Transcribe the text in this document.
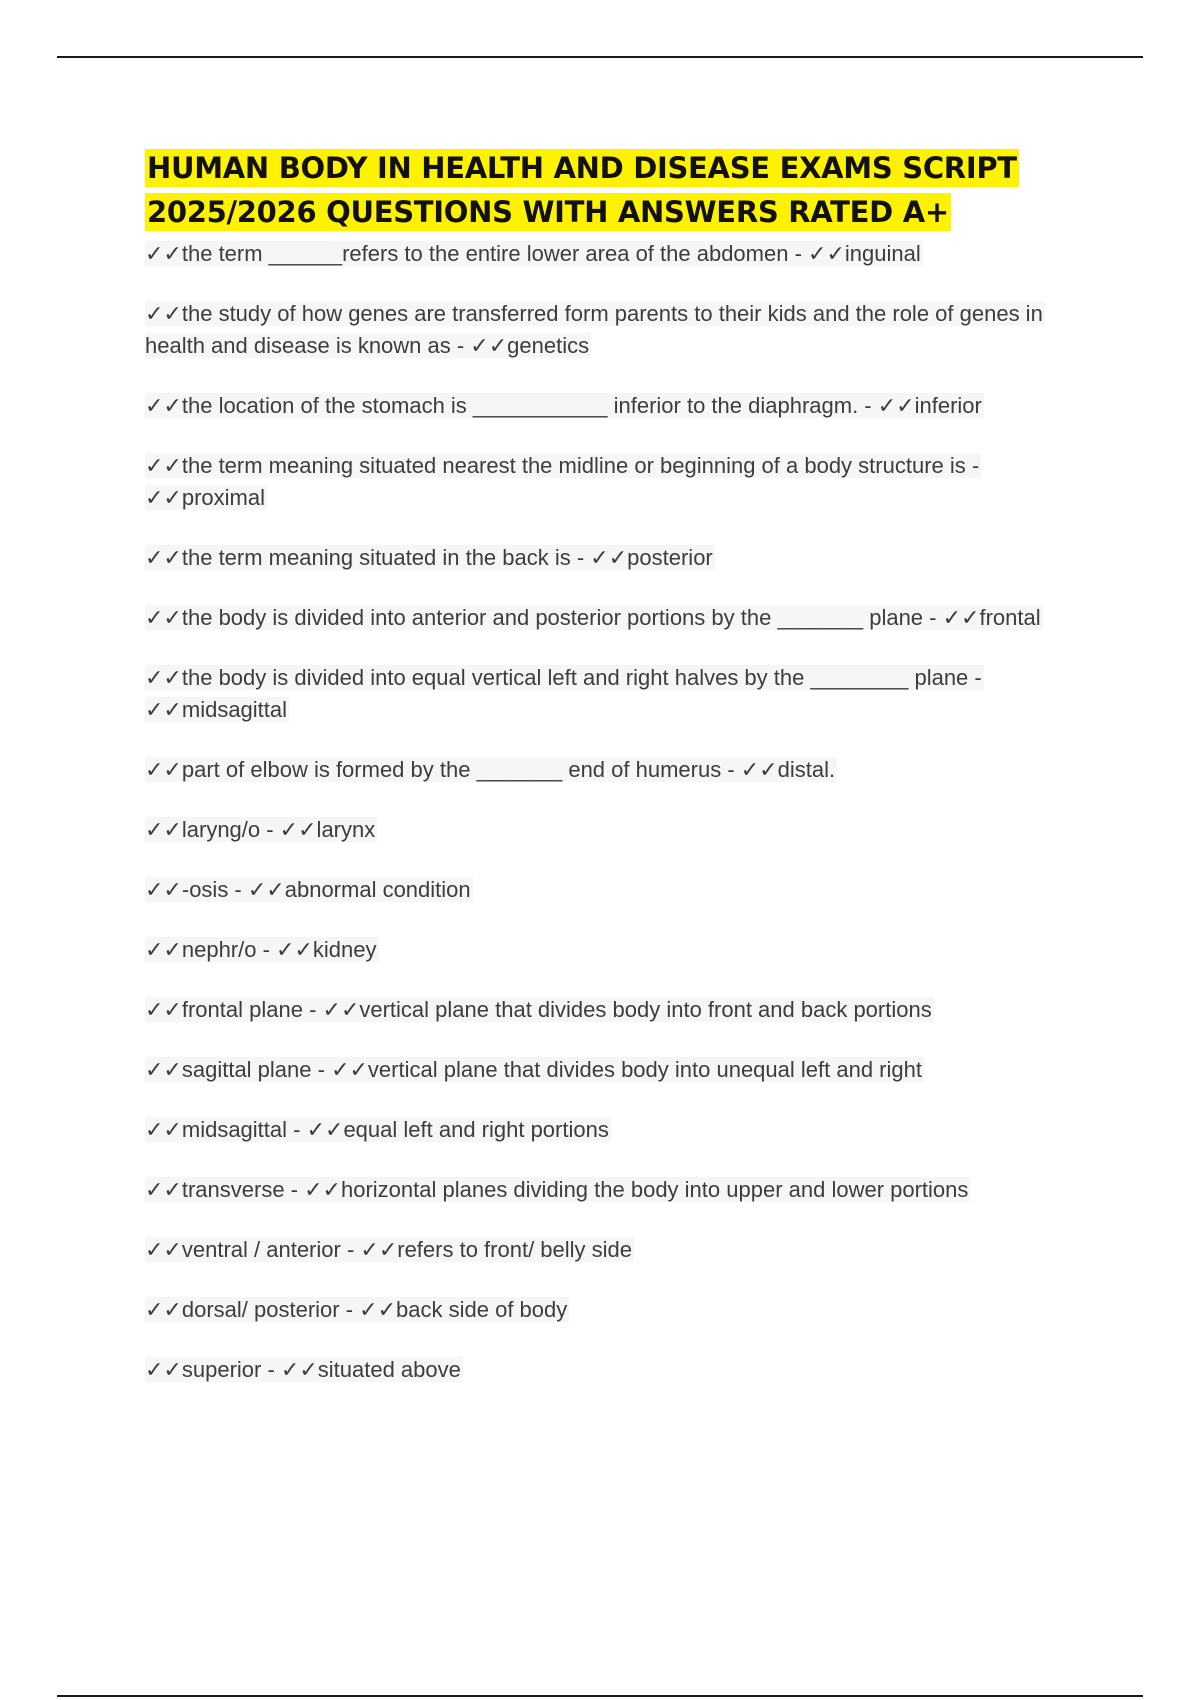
HUMAN BODY IN HEALTH AND DISEASE EXAMS SCRIPT 2025/2026 QUESTIONS WITH ANSWERS RATED A+
✓✓the term ______refers to the entire lower area of the abdomen - ✓✓inguinal
✓✓the study of how genes are transferred form parents to their kids and the role of genes in health and disease is known as - ✓✓genetics
✓✓the location of the stomach is ___________ inferior to the diaphragm. - ✓✓inferior
✓✓the term meaning situated nearest the midline or beginning of a body structure is - ✓✓proximal
✓✓the term meaning situated in the back is - ✓✓posterior
✓✓the body is divided into anterior and posterior portions by the _______ plane - ✓✓frontal
✓✓the body is divided into equal vertical left and right halves by the ________ plane - ✓✓midsagittal
✓✓part of elbow is formed by the _______ end of humerus - ✓✓distal.
✓✓laryng/o - ✓✓larynx
✓✓-osis - ✓✓abnormal condition
✓✓nephr/o - ✓✓kidney
✓✓frontal plane - ✓✓vertical plane that divides body into front and back portions
✓✓sagittal plane - ✓✓vertical plane that divides body into unequal left and right
✓✓midsagittal - ✓✓equal left and right portions
✓✓transverse - ✓✓horizontal planes dividing the body into upper and lower portions
✓✓ventral / anterior - ✓✓refers to front/ belly side
✓✓dorsal/ posterior - ✓✓back side of body
✓✓superior - ✓✓situated above
